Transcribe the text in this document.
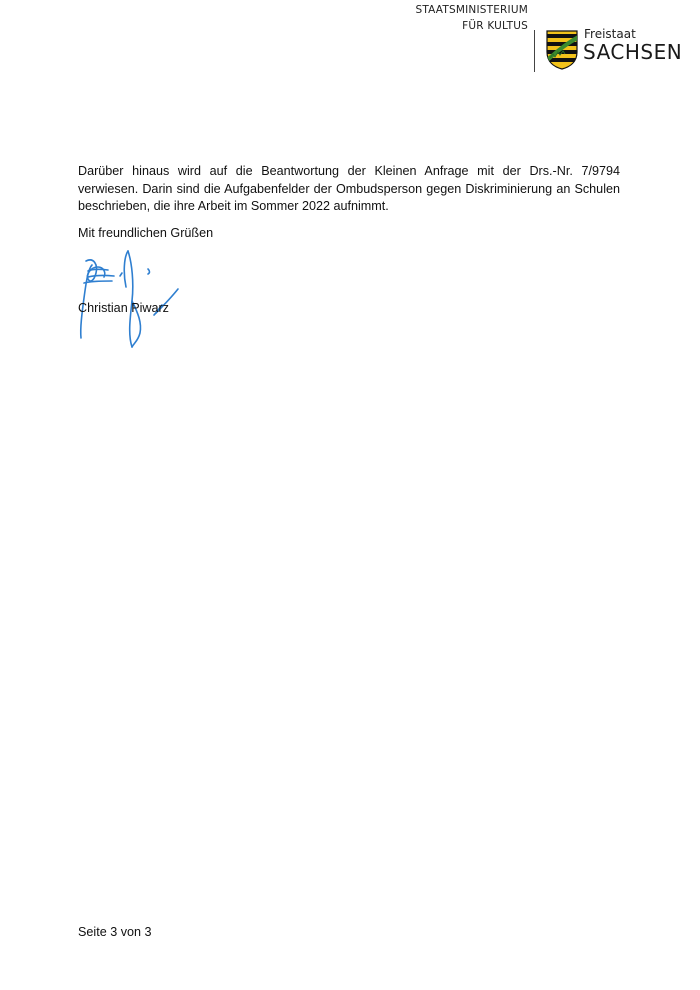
STAATSMINISTERIUM
FÜR KULTUS
Freistaat
SACHSEN
Darüber hinaus wird auf die Beantwortung der Kleinen Anfrage mit der Drs.-Nr. 7/9794 verwiesen. Darin sind die Aufgabenfelder der Ombudsperson gegen Diskriminierung an Schulen beschrieben, die ihre Arbeit im Sommer 2022 aufnimmt.
Mit freundlichen Grüßen
Christian Piwarz
Seite 3 von 3
